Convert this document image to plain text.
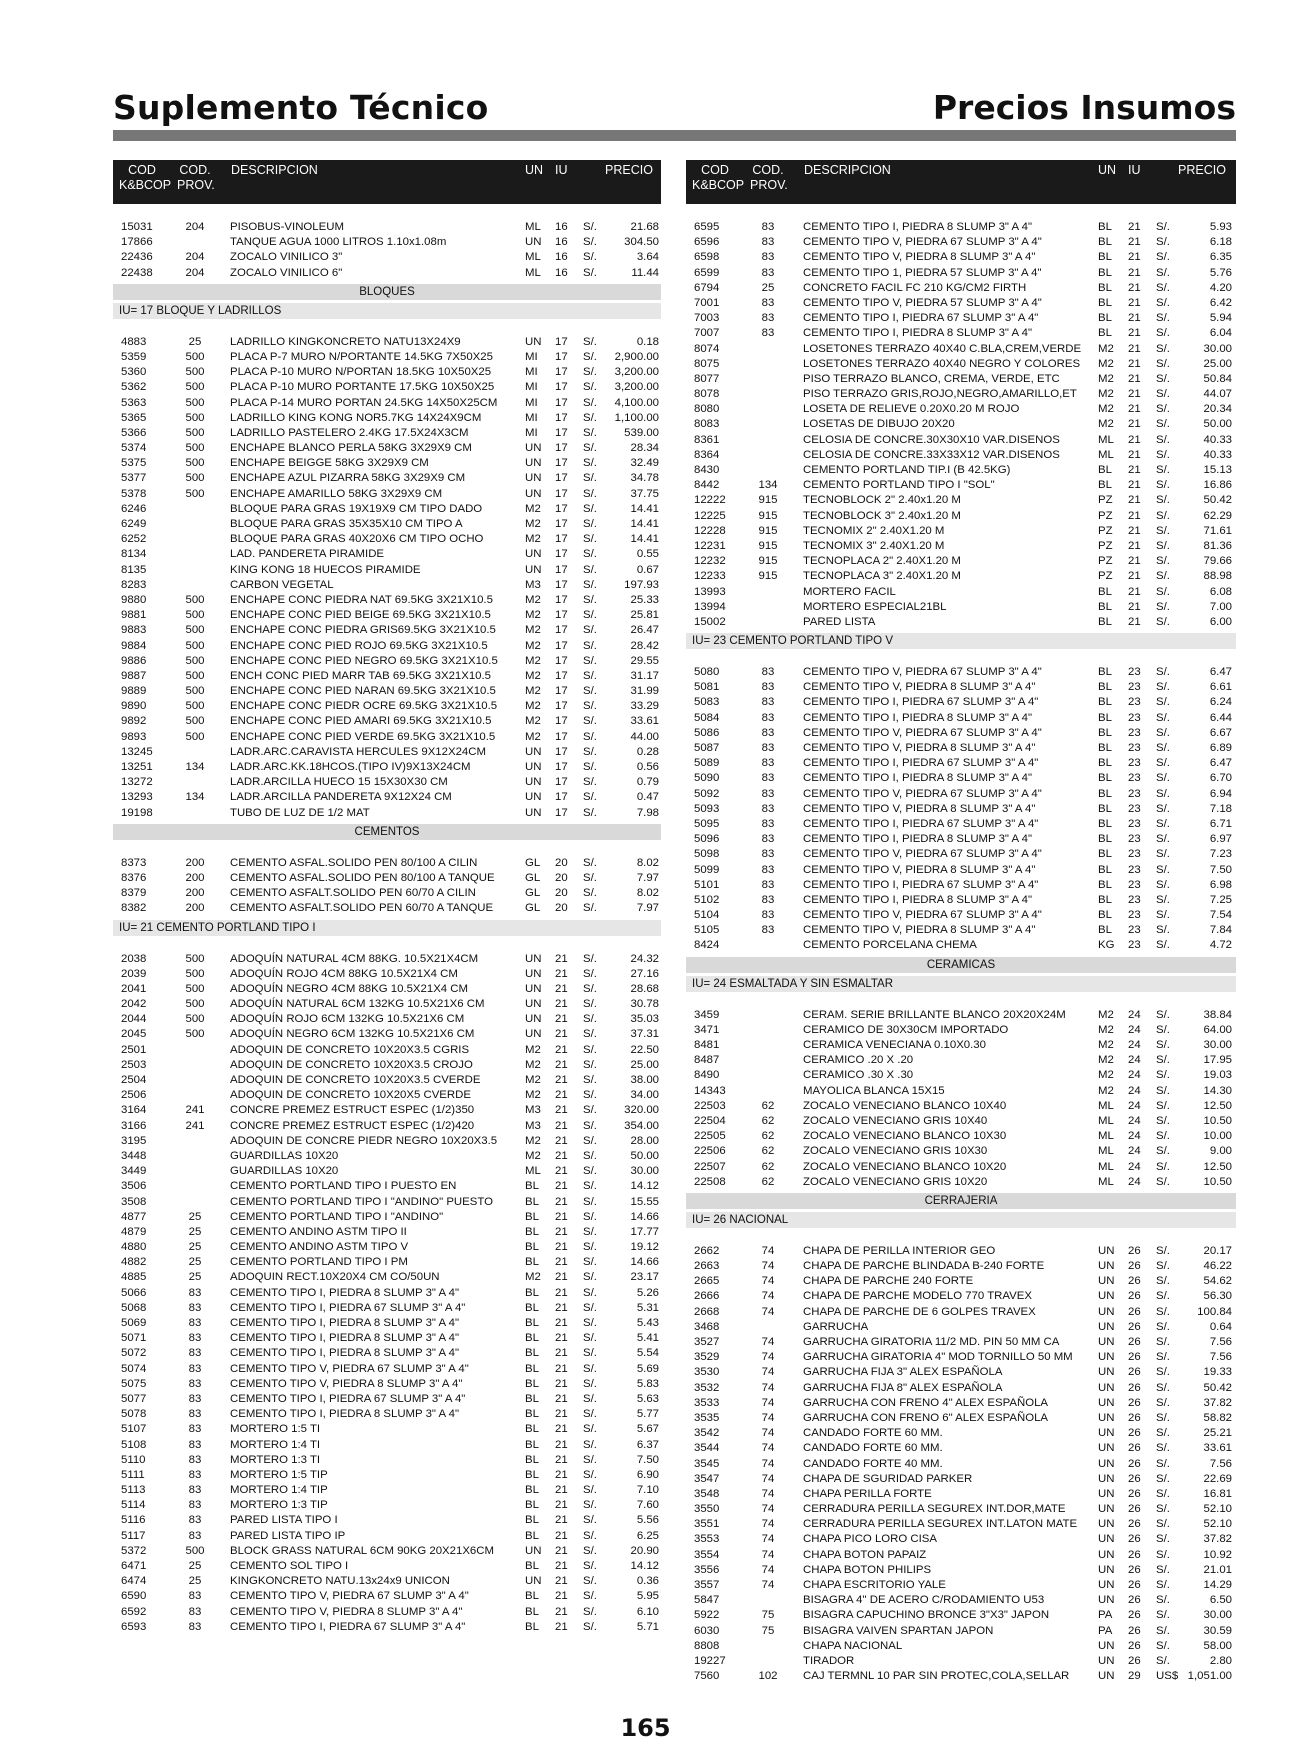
Suplemento Técnico	Precios Insumos
COD
K&BCOP
COD.
PROV.
DESCRIPCION	UN IU	PRECIO
15031	204	PISOBUS-VINOLEUM	ML	16	S/.	21.68
17866	TANQUE AGUA 1000 LITROS 1.10x1.08m	UN	16	S/.	304.50
22436	204	ZOCALO VINILICO 3"	ML	16	S/.	3.64
22438	204	ZOCALO VINILICO 6"	ML	16	S/.	11.44
BLOQUES
IU= 17 BLOQUE Y LADRILLOS
4883	25	LADRILLO KINGKONCRETO NATU13X24X9	UN	17	S/.	0.18
5359	500	PLACA P-7 MURO N/PORTANTE 14.5KG 7X50X25	MI	17	S/.	2,900.00
5360	500	PLACA P-10 MURO N/PORTAN 18.5KG 10X50X25	MI	17	S/.	3,200.00
5362	500	PLACA P-10 MURO PORTANTE 17.5KG 10X50X25	MI	17	S/.	3,200.00
5363	500	PLACA P-14 MURO PORTAN 24.5KG 14X50X25CM	MI	17	S/.	4,100.00
5365	500	LADRILLO KING KONG NOR5.7KG 14X24X9CM	MI	17	S/.	1,100.00
5366	500	LADRILLO PASTELERO 2.4KG 17.5X24X3CM	MI	17	S/.	539.00
5374	500	ENCHAPE BLANCO PERLA 58KG 3X29X9 CM	UN	17	S/.	28.34
5375	500	ENCHAPE BEIGGE 58KG 3X29X9 CM	UN	17	S/.	32.49
5377	500	ENCHAPE AZUL PIZARRA 58KG 3X29X9 CM	UN	17	S/.	34.78
5378	500	ENCHAPE AMARILLO 58KG 3X29X9 CM	UN	17	S/.	37.75
6246	BLOQUE PARA GRAS 19X19X9 CM TIPO DADO	M2	17	S/.	14.41
6249	BLOQUE PARA GRAS 35X35X10 CM TIPO A	M2	17	S/.	14.41
6252	BLOQUE PARA GRAS 40X20X6 CM TIPO OCHO	M2	17	S/.	14.41
8134	LAD. PANDERETA PIRAMIDE	UN	17	S/.	0.55
8135	KING KONG 18 HUECOS PIRAMIDE	UN	17	S/.	0.67
8283	CARBON VEGETAL	M3	17	S/.	197.93
9880	500	ENCHAPE CONC PIEDRA NAT 69.5KG 3X21X10.5	M2	17	S/.	25.33
9881	500	ENCHAPE CONC PIED BEIGE 69.5KG 3X21X10.5	M2	17	S/.	25.81
9883	500	ENCHAPE CONC PIEDRA GRIS69.5KG 3X21X10.5	M2	17	S/.	26.47
9884	500	ENCHAPE CONC PIED ROJO 69.5KG 3X21X10.5	M2	17	S/.	28.42
9886	500	ENCHAPE CONC PIED NEGRO 69.5KG 3X21X10.5	M2	17	S/.	29.55
9887	500	ENCH CONC PIED MARR TAB 69.5KG 3X21X10.5	M2	17	S/.	31.17
9889	500	ENCHAPE CONC PIED NARAN 69.5KG 3X21X10.5	M2	17	S/.	31.99
9890	500	ENCHAPE CONC PIEDR OCRE 69.5KG 3X21X10.5	M2	17	S/.	33.29
9892	500	ENCHAPE CONC PIED AMARI 69.5KG 3X21X10.5	M2	17	S/.	33.61
9893	500	ENCHAPE CONC PIED VERDE 69.5KG 3X21X10.5	M2	17	S/.	44.00
13245	LADR.ARC.CARAVISTA HERCULES 9X12X24CM	UN	17	S/.	0.28
13251	134	LADR.ARC.KK.18HCOS.(TIPO IV)9X13X24CM	UN	17	S/.	0.56
13272	LADR.ARCILLA HUECO 15 15X30X30 CM	UN	17	S/.	0.79
13293	134	LADR.ARCILLA PANDERETA 9X12X24 CM	UN	17	S/.	0.47
19198	TUBO DE LUZ DE 1/2 MAT	UN	17	S/.	7.98
CEMENTOS
8373	200	CEMENTO ASFAL.SOLIDO PEN 80/100 A CILIN	GL	20	S/.	8.02
8376	200	CEMENTO ASFAL.SOLIDO PEN 80/100 A TANQUE	GL	20	S/.	7.97
8379	200	CEMENTO ASFALT.SOLIDO PEN 60/70 A CILIN	GL	20	S/.	8.02
8382	200	CEMENTO ASFALT.SOLIDO PEN 60/70 A TANQUE	GL	20	S/.	7.97
IU= 21 CEMENTO PORTLAND TIPO I
2038	500	ADOQUÍN NATURAL 4CM 88KG. 10.5X21X4CM	UN	21	S/.	24.32
2039	500	ADOQUÍN ROJO 4CM 88KG 10.5X21X4 CM	UN	21	S/.	27.16
2041	500	ADOQUÍN NEGRO 4CM 88KG 10.5X21X4 CM	UN	21	S/.	28.68
2042	500	ADOQUÍN NATURAL 6CM 132KG 10.5X21X6 CM	UN	21	S/.	30.78
2044	500	ADOQUÍN ROJO 6CM 132KG 10.5X21X6 CM	UN	21	S/.	35.03
2045	500	ADOQUÍN NEGRO 6CM 132KG 10.5X21X6 CM	UN	21	S/.	37.31
2501	ADOQUIN DE CONCRETO 10X20X3.5 CGRIS	M2	21	S/.	22.50
2503	ADOQUIN DE CONCRETO 10X20X3.5 CROJO	M2	21	S/.	25.00
2504	ADOQUIN DE CONCRETO 10X20X3.5 CVERDE	M2	21	S/.	38.00
2506	ADOQUIN DE CONCRETO 10X20X5 CVERDE	M2	21	S/.	34.00
3164	241	CONCRE PREMEZ ESTRUCT ESPEC (1/2)350	M3	21	S/.	320.00
3166	241	CONCRE PREMEZ ESTRUCT ESPEC (1/2)420	M3	21	S/.	354.00
3195	ADOQUIN DE CONCRE PIEDR NEGRO 10X20X3.5	M2	21	S/.	28.00
3448	GUARDILLAS 10X20	M2	21	S/.	50.00
3449	GUARDILLAS 10X20	ML	21	S/.	30.00
3506	CEMENTO PORTLAND TIPO I PUESTO EN	BL	21	S/.	14.12
3508	CEMENTO PORTLAND TIPO I "ANDINO" PUESTO	BL	21	S/.	15.55
4877	25	CEMENTO PORTLAND TIPO I "ANDINO"	BL	21	S/.	14.66
4879	25	CEMENTO ANDINO ASTM TIPO II	BL	21	S/.	17.77
4880	25	CEMENTO ANDINO ASTM TIPO V	BL	21	S/.	19.12
4882	25	CEMENTO PORTLAND TIPO I PM	BL	21	S/.	14.66
4885	25	ADOQUIN RECT.10X20X4 CM CO/50UN	M2	21	S/.	23.17
5066	83	CEMENTO TIPO I, PIEDRA 8 SLUMP 3" A 4"	BL	21	S/.	5.26
5068	83	CEMENTO TIPO I, PIEDRA 67 SLUMP 3" A 4"	BL	21	S/.	5.31
5069	83	CEMENTO TIPO I, PIEDRA 8 SLUMP 3" A 4"	BL	21	S/.	5.43
5071	83	CEMENTO TIPO I, PIEDRA 8 SLUMP 3" A 4"	BL	21	S/.	5.41
5072	83	CEMENTO TIPO I, PIEDRA 8 SLUMP 3" A 4"	BL	21	S/.	5.54
5074	83	CEMENTO TIPO V, PIEDRA 67 SLUMP 3" A 4"	BL	21	S/.	5.69
5075	83	CEMENTO TIPO V, PIEDRA 8 SLUMP 3" A 4"	BL	21	S/.	5.83
5077	83	CEMENTO TIPO I, PIEDRA 67 SLUMP 3" A 4"	BL	21	S/.	5.63
5078	83	CEMENTO TIPO I, PIEDRA 8 SLUMP 3" A 4"	BL	21	S/.	5.77
5107	83	MORTERO 1:5 TI	BL	21	S/.	5.67
5108	83	MORTERO 1:4 TI	BL	21	S/.	6.37
5110	83	MORTERO 1:3 TI	BL	21	S/.	7.50
5111	83	MORTERO 1:5 TIP	BL	21	S/.	6.90
5113	83	MORTERO 1:4 TIP	BL	21	S/.	7.10
5114	83	MORTERO 1:3 TIP	BL	21	S/.	7.60
5116	83	PARED LISTA TIPO I	BL	21	S/.	5.56
5117	83	PARED LISTA TIPO IP	BL	21	S/.	6.25
5372	500	BLOCK GRASS NATURAL 6CM 90KG 20X21X6CM	UN	21	S/.	20.90
6471	25	CEMENTO SOL TIPO I	BL	21	S/.	14.12
6474	25	KINGKONCRETO NATU.13x24x9 UNICON	UN	21	S/.	0.36
6590	83	CEMENTO TIPO V, PIEDRA 67 SLUMP 3" A 4"	BL	21	S/.	5.95
6592	83	CEMENTO TIPO V, PIEDRA 8 SLUMP 3" A 4"	BL	21	S/.	6.10
6593	83	CEMENTO TIPO I, PIEDRA 67 SLUMP 3" A 4"	BL	21	S/.	5.71
COD
K&BCOP
COD.
PROV.
DESCRIPCION	UN IU	PRECIO
6595	83	CEMENTO TIPO I, PIEDRA 8 SLUMP 3" A 4"	BL	21	S/.	5.93
6596	83	CEMENTO TIPO V, PIEDRA 67 SLUMP 3" A 4"	BL	21	S/.	6.18
6598	83	CEMENTO TIPO V, PIEDRA 8 SLUMP 3" A 4"	BL	21	S/.	6.35
6599	83	CEMENTO TIPO 1, PIEDRA 57 SLUMP 3" A 4"	BL	21	S/.	5.76
6794	25	CONCRETO FACIL FC 210 KG/CM2 FIRTH	BL	21	S/.	4.20
7001	83	CEMENTO TIPO V, PIEDRA 57 SLUMP 3" A 4"	BL	21	S/.	6.42
7003	83	CEMENTO TIPO I, PIEDRA 67 SLUMP 3" A 4"	BL	21	S/.	5.94
7007	83	CEMENTO TIPO I, PIEDRA 8 SLUMP 3" A 4"	BL	21	S/.	6.04
8074	LOSETONES TERRAZO 40X40 C.BLA,CREM,VERDE	M2	21	S/.	30.00
8075	LOSETONES TERRAZO 40X40 NEGRO Y COLORES	M2	21	S/.	25.00
8077	PISO TERRAZO BLANCO, CREMA, VERDE, ETC	M2	21	S/.	50.84
8078	PISO TERRAZO GRIS,ROJO,NEGRO,AMARILLO,ET	M2	21	S/.	44.07
8080	LOSETA DE RELIEVE 0.20X0.20 M ROJO	M2	21	S/.	20.34
8083	LOSETAS DE DIBUJO 20X20	M2	21	S/.	50.00
8361	CELOSIA DE CONCRE.30X30X10 VAR.DISENOS	ML	21	S/.	40.33
8364	CELOSIA DE CONCRE.33X33X12 VAR.DISENOS	ML	21	S/.	40.33
8430	CEMENTO PORTLAND TIP.I (B 42.5KG)	BL	21	S/.	15.13
8442	134	CEMENTO PORTLAND TIPO I "SOL"	BL	21	S/.	16.86
12222	915	TECNOBLOCK 2" 2.40x1.20 M	PZ	21	S/.	50.42
12225	915	TECNOBLOCK 3" 2.40x1.20 M	PZ	21	S/.	62.29
12228	915	TECNOMIX 2" 2.40X1.20 M	PZ	21	S/.	71.61
12231	915	TECNOMIX 3" 2.40X1.20 M	PZ	21	S/.	81.36
12232	915	TECNOPLACA 2" 2.40X1.20 M	PZ	21	S/.	79.66
12233	915	TECNOPLACA 3" 2.40X1.20 M	PZ	21	S/.	88.98
13993	MORTERO FACIL	BL	21	S/.	6.08
13994	MORTERO ESPECIAL21BL	BL	21	S/.	7.00
15002	PARED LISTA	BL	21	S/.	6.00
IU= 23 CEMENTO PORTLAND TIPO V
5080	83	CEMENTO TIPO V, PIEDRA 67 SLUMP 3" A 4"	BL	23	S/.	6.47
5081	83	CEMENTO TIPO V, PIEDRA 8 SLUMP 3" A 4"	BL	23	S/.	6.61
5083	83	CEMENTO TIPO I, PIEDRA 67 SLUMP 3" A 4"	BL	23	S/.	6.24
5084	83	CEMENTO TIPO I, PIEDRA 8 SLUMP 3" A 4"	BL	23	S/.	6.44
5086	83	CEMENTO TIPO V, PIEDRA 67 SLUMP 3" A 4"	BL	23	S/.	6.67
5087	83	CEMENTO TIPO V, PIEDRA 8 SLUMP 3" A 4"	BL	23	S/.	6.89
5089	83	CEMENTO TIPO I, PIEDRA 67 SLUMP 3" A 4"	BL	23	S/.	6.47
5090	83	CEMENTO TIPO I, PIEDRA 8 SLUMP 3" A 4"	BL	23	S/.	6.70
5092	83	CEMENTO TIPO V, PIEDRA 67 SLUMP 3" A 4"	BL	23	S/.	6.94
5093	83	CEMENTO TIPO V, PIEDRA 8 SLUMP 3" A 4"	BL	23	S/.	7.18
5095	83	CEMENTO TIPO I, PIEDRA 67 SLUMP 3" A 4"	BL	23	S/.	6.71
5096	83	CEMENTO TIPO I, PIEDRA 8 SLUMP 3" A 4"	BL	23	S/.	6.97
5098	83	CEMENTO TIPO V, PIEDRA 67 SLUMP 3" A 4"	BL	23	S/.	7.23
5099	83	CEMENTO TIPO V, PIEDRA 8 SLUMP 3" A 4"	BL	23	S/.	7.50
5101	83	CEMENTO TIPO I, PIEDRA 67 SLUMP 3" A 4"	BL	23	S/.	6.98
5102	83	CEMENTO TIPO I, PIEDRA 8 SLUMP 3" A 4"	BL	23	S/.	7.25
5104	83	CEMENTO TIPO V, PIEDRA 67 SLUMP 3" A 4"	BL	23	S/.	7.54
5105	83	CEMENTO TIPO V, PIEDRA 8 SLUMP 3" A 4"	BL	23	S/.	7.84
8424	CEMENTO PORCELANA CHEMA	KG	23	S/.	4.72
CERAMICAS
IU= 24 ESMALTADA Y SIN ESMALTAR
3459	CERAM. SERIE BRILLANTE BLANCO 20X20X24M	M2	24	S/.	38.84
3471	CERAMICO DE 30X30CM IMPORTADO	M2	24	S/.	64.00
8481	CERAMICA VENECIANA 0.10X0.30	M2	24	S/.	30.00
8487	CERAMICO .20 X .20	M2	24	S/.	17.95
8490	CERAMICO .30 X .30	M2	24	S/.	19.03
14343	MAYOLICA BLANCA 15X15	M2	24	S/.	14.30
22503	62	ZOCALO VENECIANO BLANCO 10X40	ML	24	S/.	12.50
22504	62	ZOCALO VENECIANO GRIS 10X40	ML	24	S/.	10.50
22505	62	ZOCALO VENECIANO BLANCO 10X30	ML	24	S/.	10.00
22506	62	ZOCALO VENECIANO GRIS 10X30	ML	24	S/.	9.00
22507	62	ZOCALO VENECIANO BLANCO 10X20	ML	24	S/.	12.50
22508	62	ZOCALO VENECIANO GRIS 10X20	ML	24	S/.	10.50
CERRAJERIA
IU= 26 NACIONAL
2662	74	CHAPA DE PERILLA INTERIOR GEO	UN	26	S/.	20.17
2663	74	CHAPA DE PARCHE BLINDADA B-240 FORTE	UN	26	S/.	46.22
2665	74	CHAPA DE PARCHE 240 FORTE	UN	26	S/.	54.62
2666	74	CHAPA DE PARCHE MODELO 770 TRAVEX	UN	26	S/.	56.30
2668	74	CHAPA DE PARCHE DE 6 GOLPES TRAVEX	UN	26	S/.	100.84
3468	GARRUCHA	UN	26	S/.	0.64
3527	74	GARRUCHA GIRATORIA 11/2 MD. PIN 50 MM CA	UN	26	S/.	7.56
3529	74	GARRUCHA GIRATORIA 4" MOD TORNILLO 50 MM	UN	26	S/.	7.56
3530	74	GARRUCHA FIJA 3" ALEX ESPAÑOLA	UN	26	S/.	19.33
3532	74	GARRUCHA FIJA 8" ALEX ESPAÑOLA	UN	26	S/.	50.42
3533	74	GARRUCHA CON FRENO 4" ALEX ESPAÑOLA	UN	26	S/.	37.82
3535	74	GARRUCHA CON FRENO 6" ALEX ESPAÑOLA	UN	26	S/.	58.82
3542	74	CANDADO FORTE 60 MM.	UN	26	S/.	25.21
3544	74	CANDADO FORTE 60 MM.	UN	26	S/.	33.61
3545	74	CANDADO FORTE 40 MM.	UN	26	S/.	7.56
3547	74	CHAPA DE SGURIDAD PARKER	UN	26	S/.	22.69
3548	74	CHAPA PERILLA FORTE	UN	26	S/.	16.81
3550	74	CERRADURA PERILLA SEGUREX INT.DOR,MATE	UN	26	S/.	52.10
3551	74	CERRADURA PERILLA SEGUREX INT.LATON MATE	UN	26	S/.	52.10
3553	74	CHAPA PICO LORO CISA	UN	26	S/.	37.82
3554	74	CHAPA BOTON PAPAIZ	UN	26	S/.	10.92
3556	74	CHAPA BOTON PHILIPS	UN	26	S/.	21.01
3557	74	CHAPA ESCRITORIO YALE	UN	26	S/.	14.29
5847	BISAGRA 4" DE ACERO C/RODAMIENTO U53	UN	26	S/.	6.50
5922	75	BISAGRA CAPUCHINO BRONCE 3"X3" JAPON	PA	26	S/.	30.00
6030	75	BISAGRA VAIVEN SPARTAN JAPON	PA	26	S/.	30.59
8808	CHAPA NACIONAL	UN	26	S/.	58.00
19227	TIRADOR	UN	26	S/.	2.80
7560	102	CAJ TERMNL 10 PAR SIN PROTEC,COLA,SELLAR	UN	29	US$ 1,051.00
165
